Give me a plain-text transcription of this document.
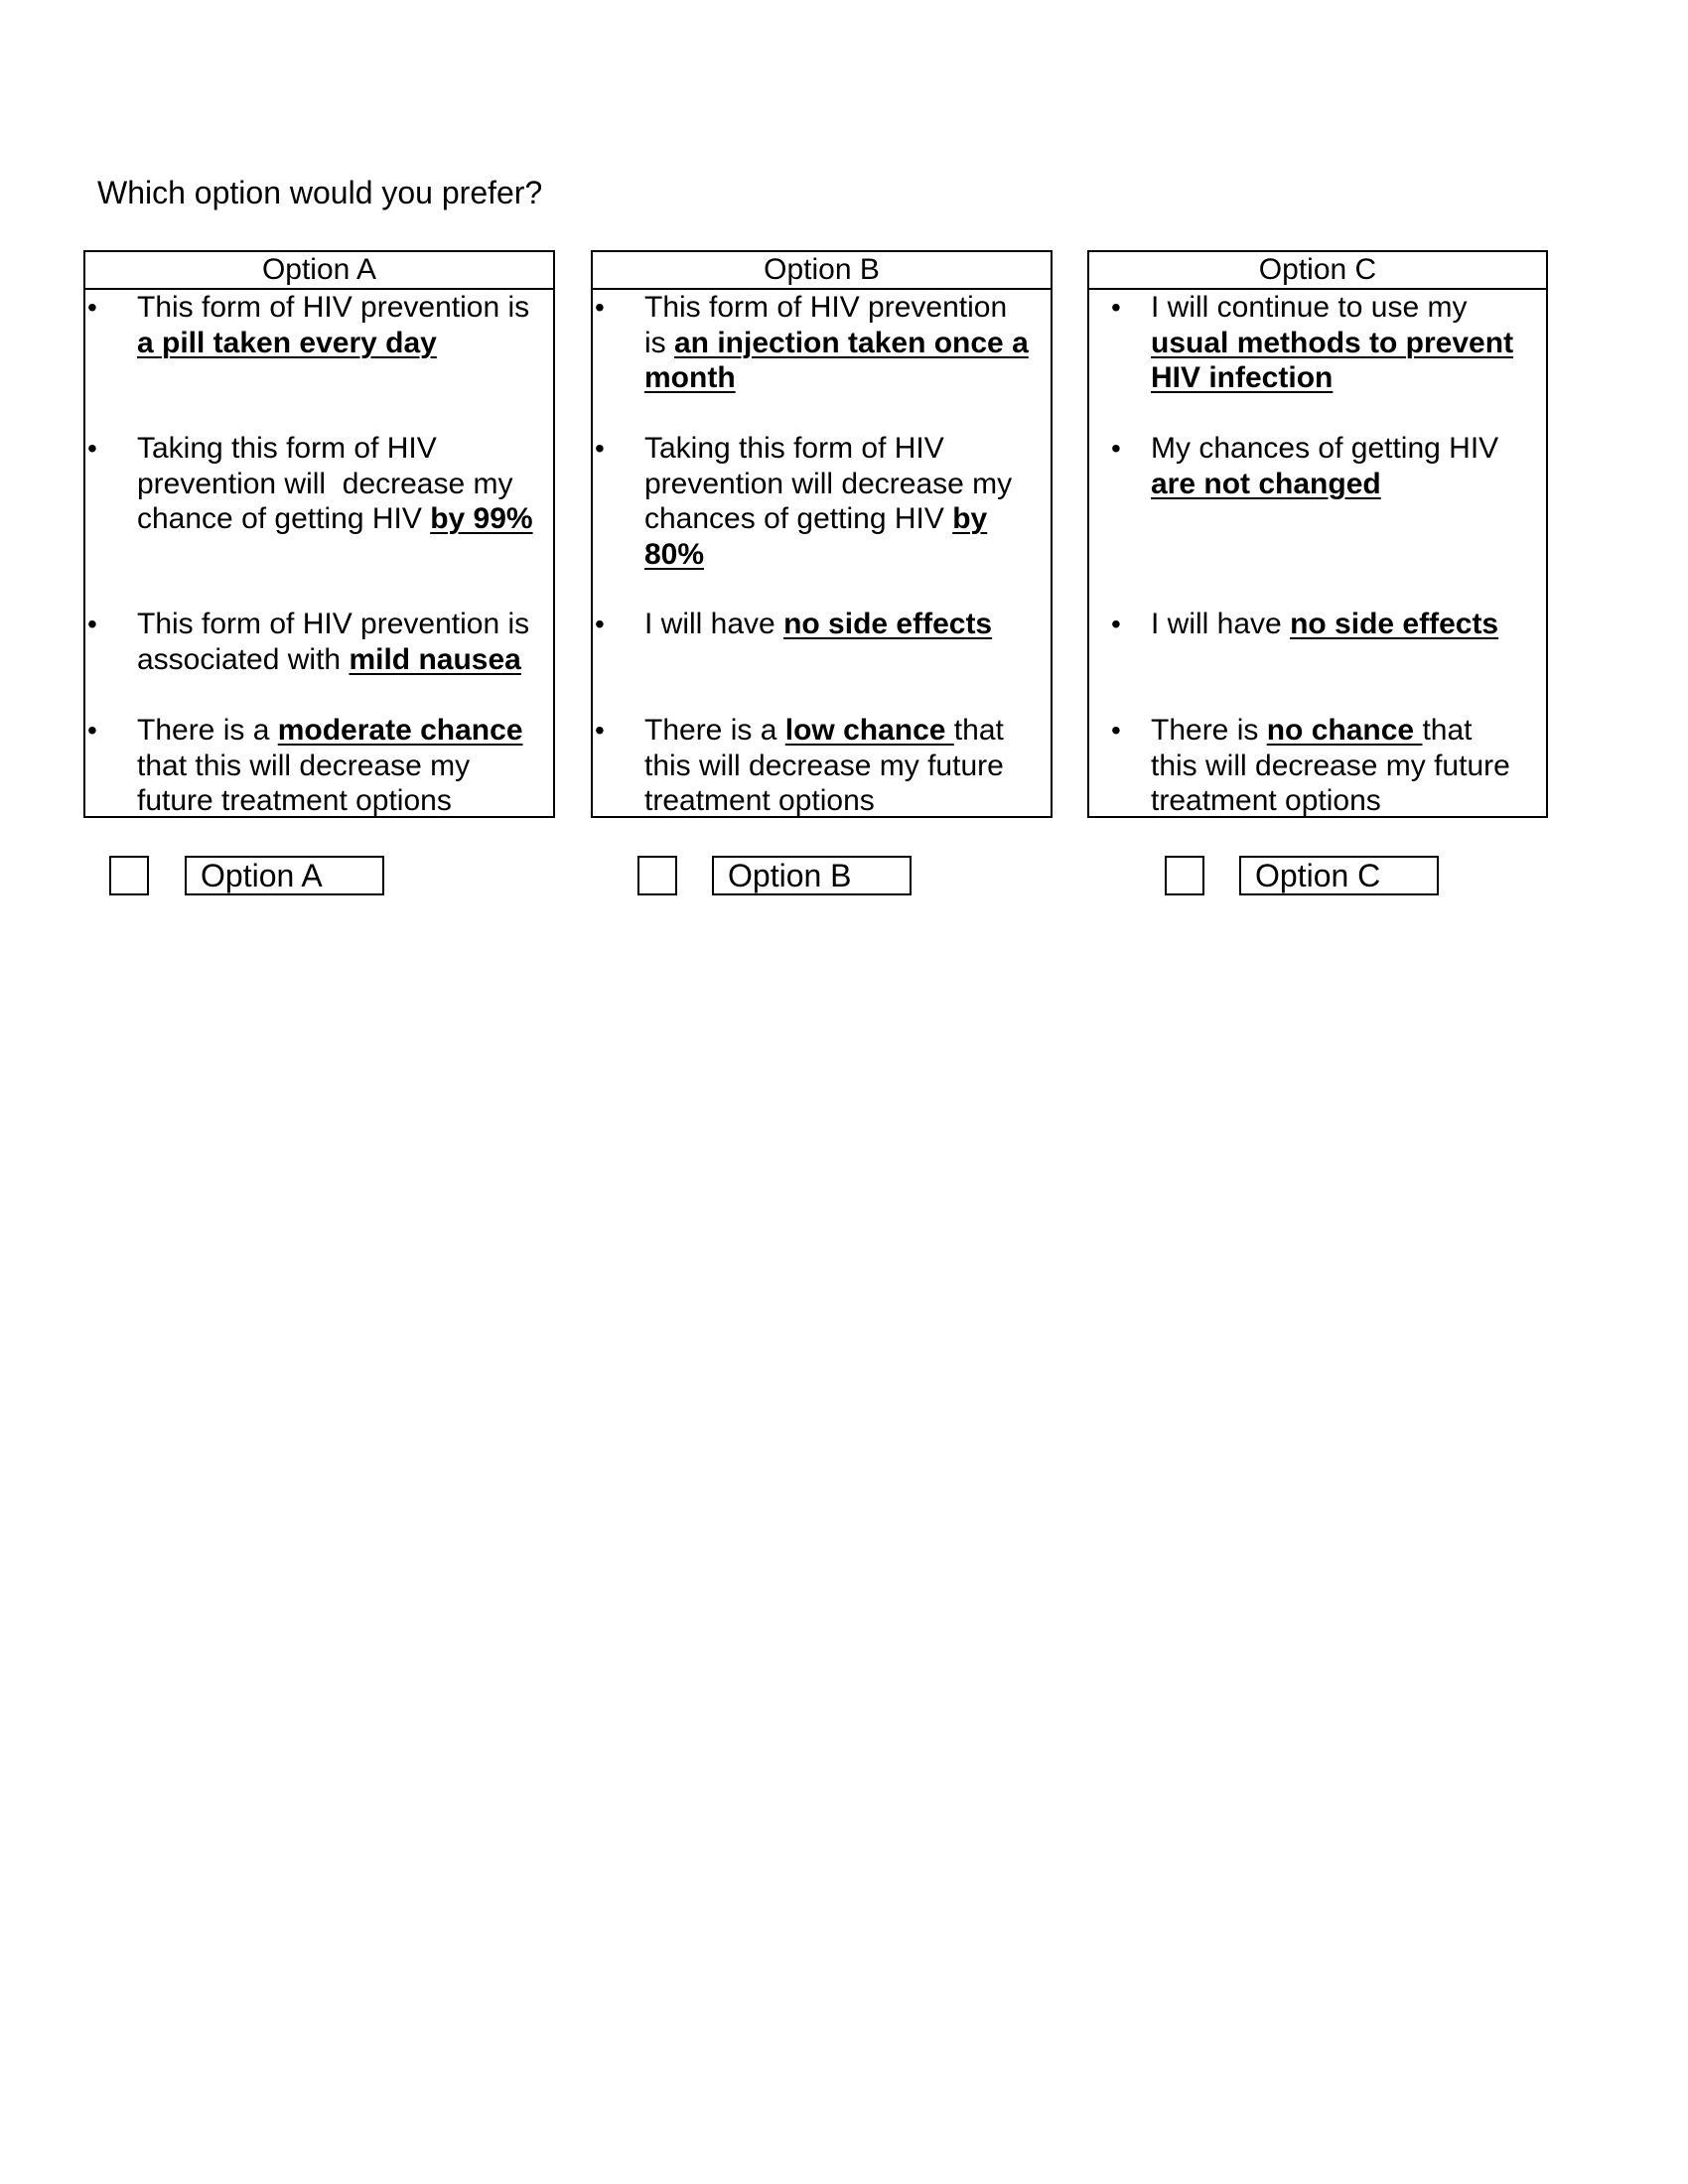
Which option would you prefer?
Option A
• This form of HIV prevention is
a pill taken every day
• Taking this form of HIV
prevention will  decrease my
chance of getting HIV by 99%
• This form of HIV prevention is
associated with mild nausea
• There is a moderate chance
that this will decrease my
future treatment options
Option B
• This form of HIV prevention
is an injection taken once a
month
• Taking this form of HIV
prevention will decrease my
chances of getting HIV by
80%
• I will have no side effects
• There is a low chance that
this will decrease my future
treatment options
Option C
• I will continue to use my
usual methods to prevent
HIV infection
• My chances of getting HIV
are not changed
• I will have no side effects
• There is no chance that
this will decrease my future
treatment options
Option A	Option B	Option C
